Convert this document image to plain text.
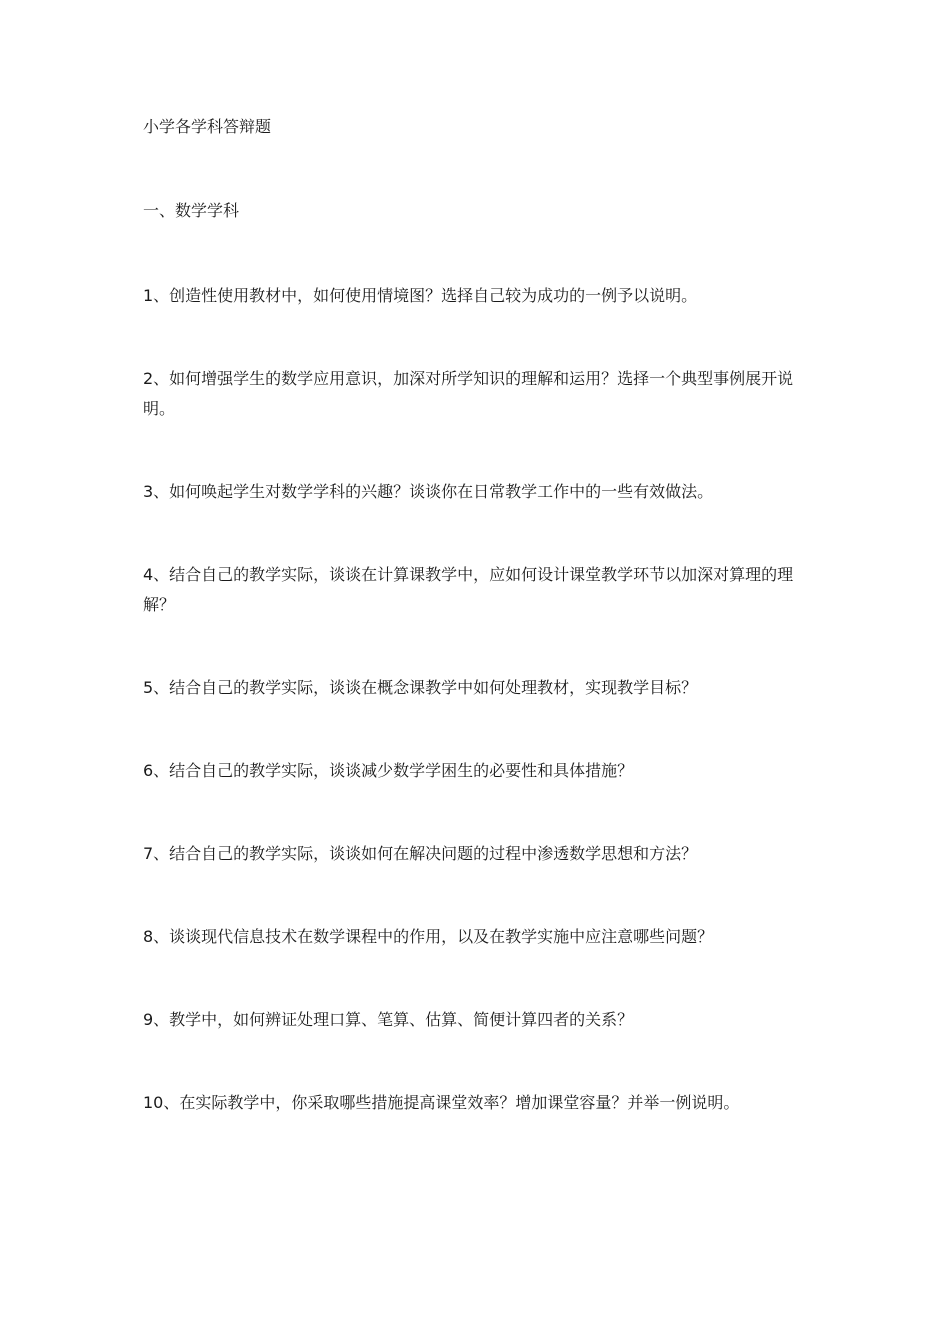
小学各学科答辩题
一、数学学科

1、创造性使用教材中，如何使用情境图？选择自己较为成功的一例予以说明。

2、如何增强学生的数学应用意识，加深对所学知识的理解和运用？选择一个典型事例展开说明。

3、如何唤起学生对数学学科的兴趣？谈谈你在日常教学工作中的一些有效做法。

4、结合自己的教学实际，谈谈在计算课教学中，应如何设计课堂教学环节以加深对算理的理解？

5、结合自己的教学实际，谈谈在概念课教学中如何处理教材，实现教学目标？

6、结合自己的教学实际，谈谈减少数学学困生的必要性和具体措施？

7、结合自己的教学实际，谈谈如何在解决问题的过程中渗透数学思想和方法？

8、谈谈现代信息技术在数学课程中的作用，以及在教学实施中应注意哪些问题？

9、教学中，如何辨证处理口算、笔算、估算、简便计算四者的关系？

10、在实际教学中，你采取哪些措施提高课堂效率？增加课堂容量？并举一例说明。
